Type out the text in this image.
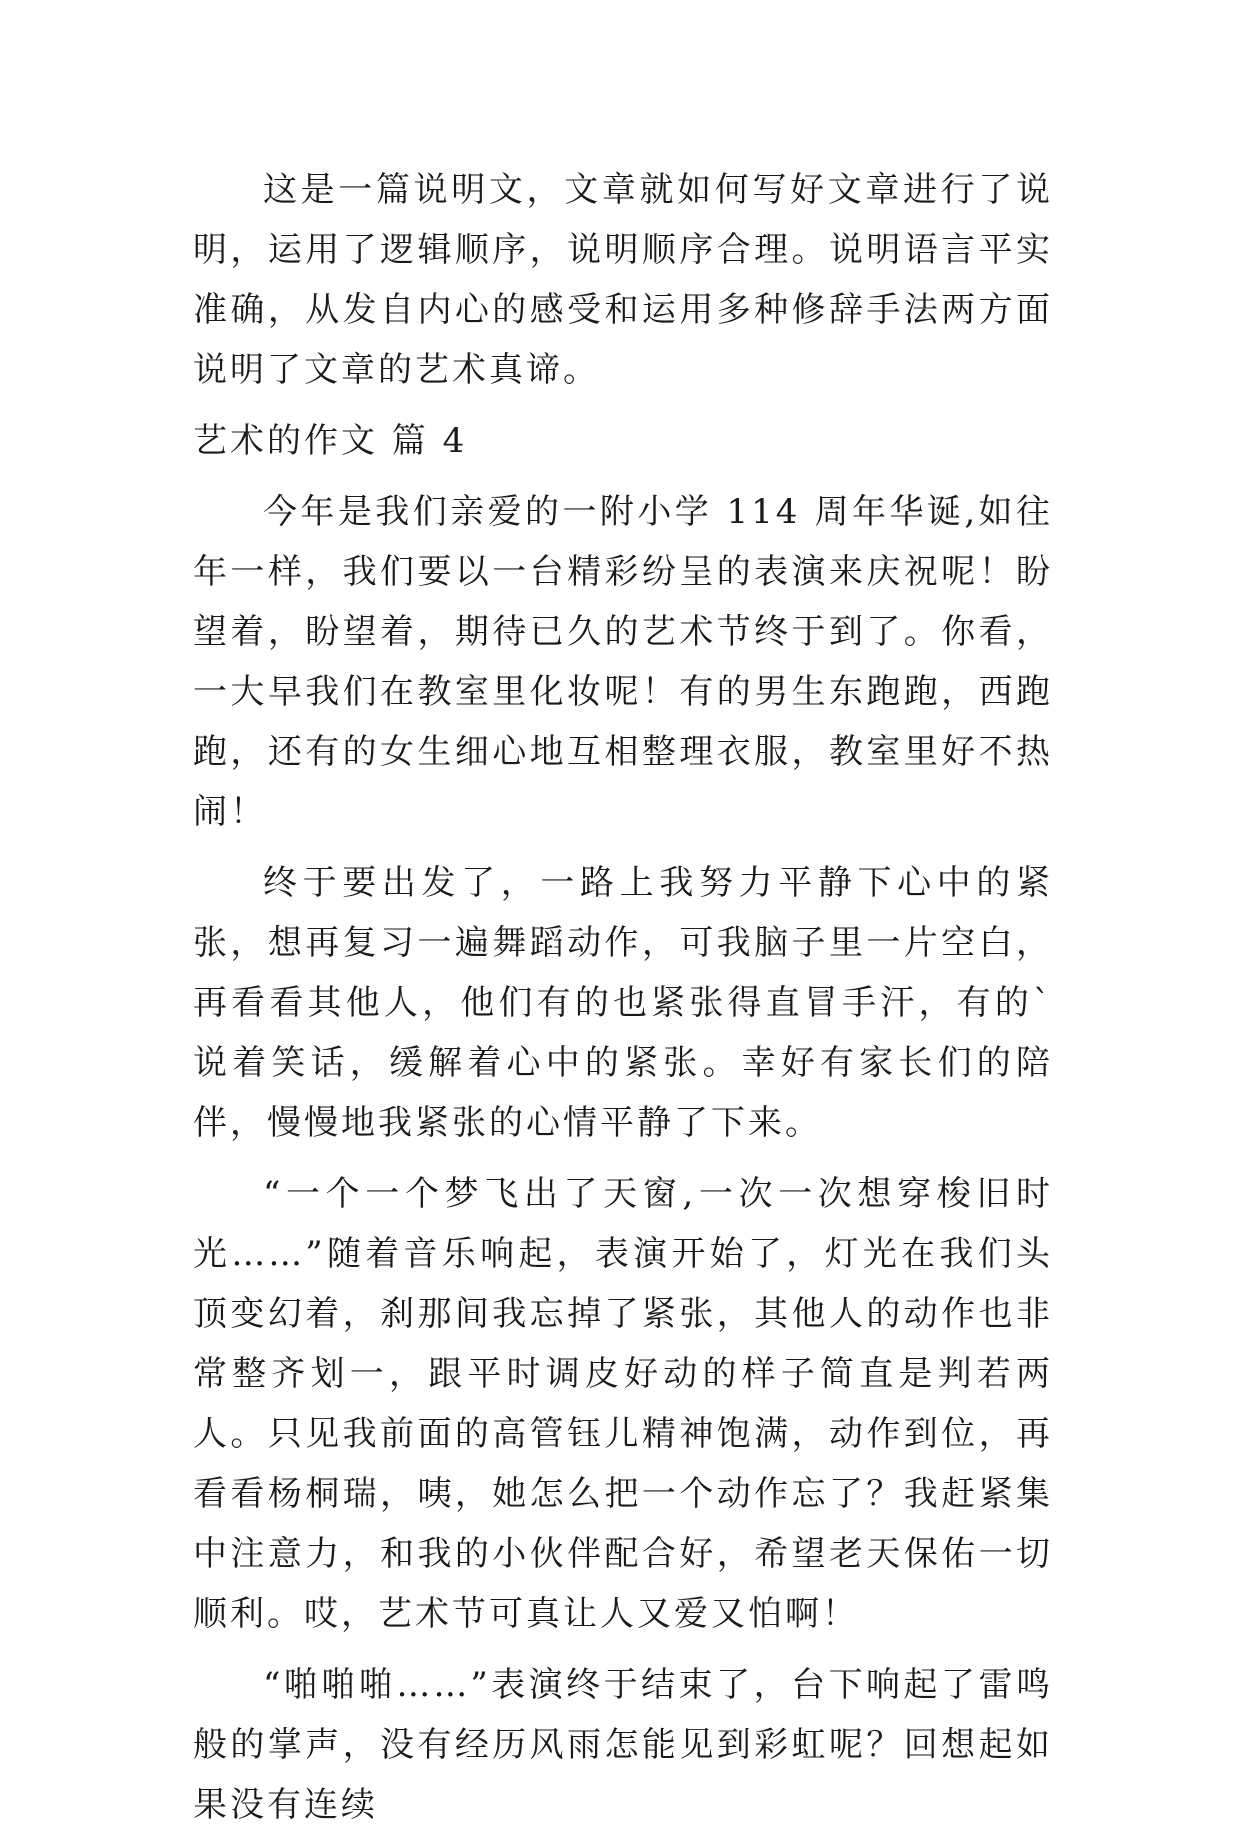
这是一篇说明文，文章就如何写好文章进行了说明，运用了逻辑顺序，说明顺序合理。说明语言平实准确，从发自内心的感受和运用多种修辞手法两方面说明了文章的艺术真谛。

艺术的作文 篇 4

今年是我们亲爱的一附小学 114 周年华诞,如往年一样，我们要以一台精彩纷呈的表演来庆祝呢！盼望着，盼望着，期待已久的艺术节终于到了。你看，一大早我们在教室里化妆呢！有的男生东跑跑，西跑跑，还有的女生细心地互相整理衣服，教室里好不热闹！

终于要出发了，一路上我努力平静下心中的紧张，想再复习一遍舞蹈动作，可我脑子里一片空白，再看看其他人，他们有的也紧张得直冒手汗，有的`说着笑话，缓解着心中的紧张。幸好有家长们的陪伴，慢慢地我紧张的心情平静了下来。

“一个一个梦飞出了天窗,一次一次想穿梭旧时光……”随着音乐响起，表演开始了，灯光在我们头顶变幻着，刹那间我忘掉了紧张，其他人的动作也非常整齐划一，跟平时调皮好动的样子简直是判若两人。只见我前面的高管钰儿精神饱满，动作到位，再看看杨桐瑞，咦，她怎么把一个动作忘了？我赶紧集中注意力，和我的小伙伴配合好，希望老天保佑一切顺利。哎，艺术节可真让人又爱又怕啊！

“啪啪啪……”表演终于结束了，台下响起了雷鸣般的掌声，没有经历风雨怎能见到彩虹呢？回想起如果没有连续
